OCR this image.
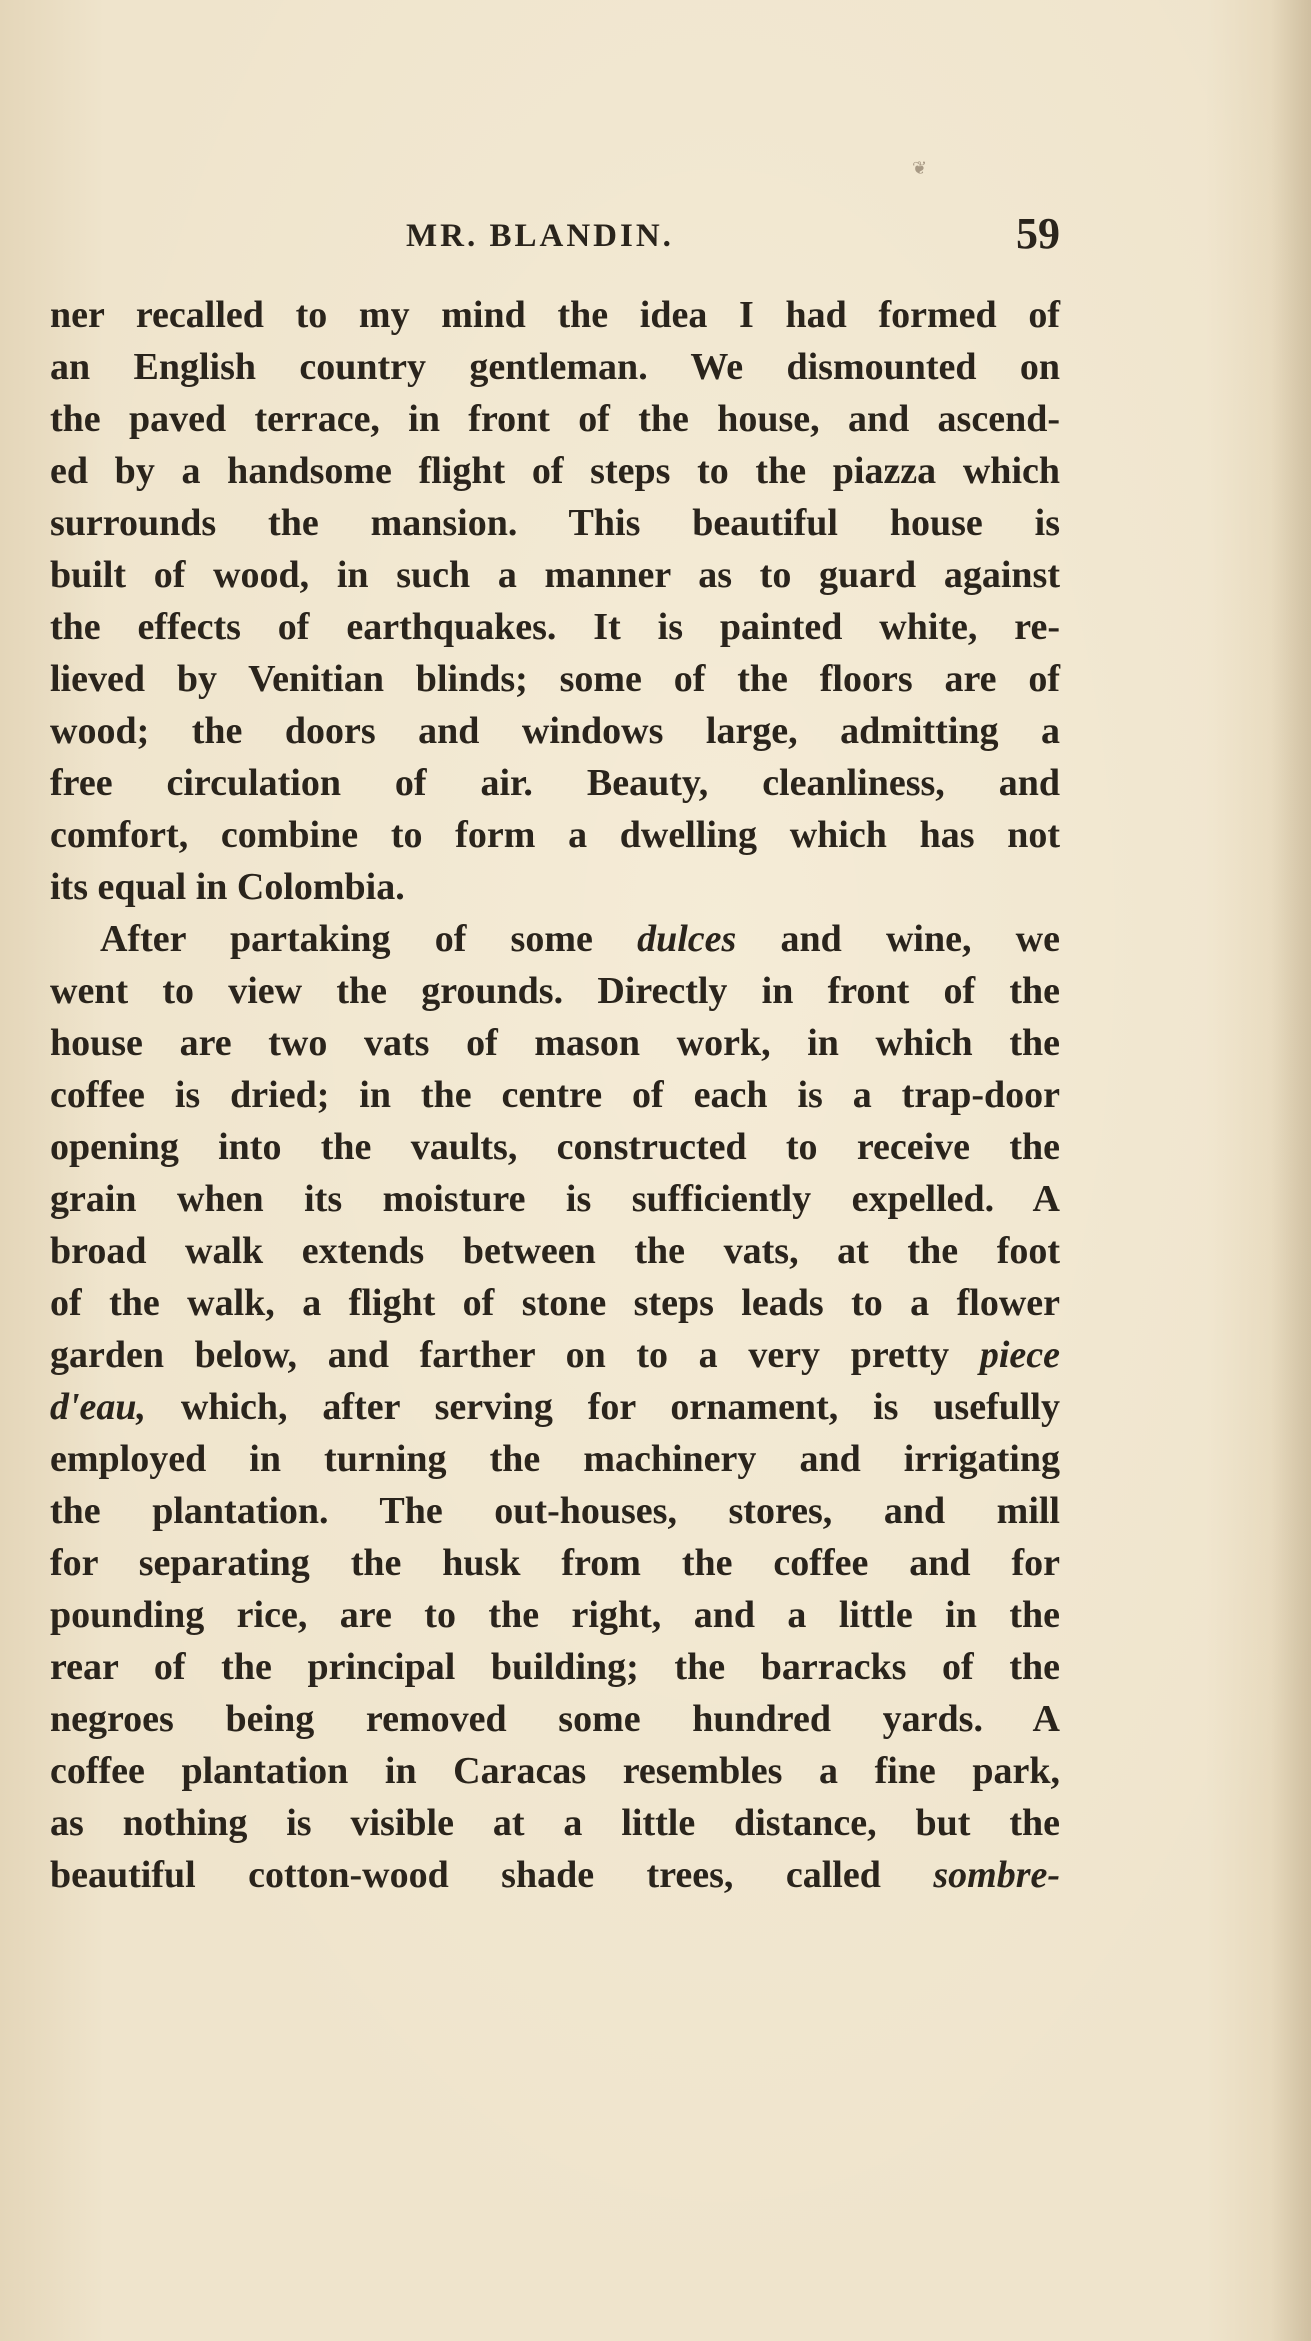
❦

MR. BLANDIN.	59

ner recalled to my mind the idea I had formed of
an English country gentleman. We dismounted on
the paved terrace, in front of the house, and ascend-
ed by a handsome flight of steps to the piazza which
surrounds the mansion. This beautiful house is
built of wood, in such a manner as to guard against
the effects of earthquakes. It is painted white, re-
lieved by Venitian blinds; some of the floors are of
wood; the doors and windows large, admitting a
free circulation of air. Beauty, cleanliness, and
comfort, combine to form a dwelling which has not
its equal in Colombia.
After partaking of some dulces and wine, we
went to view the grounds. Directly in front of the
house are two vats of mason work, in which the
coffee is dried; in the centre of each is a trap-door
opening into the vaults, constructed to receive the
grain when its moisture is sufficiently expelled. A
broad walk extends between the vats, at the foot
of the walk, a flight of stone steps leads to a flower
garden below, and farther on to a very pretty piece
d'eau, which, after serving for ornament, is usefully
employed in turning the machinery and irrigating
the plantation. The out-houses, stores, and mill
for separating the husk from the coffee and for
pounding rice, are to the right, and a little in the
rear of the principal building; the barracks of the
negroes being removed some hundred yards. A
coffee plantation in Caracas resembles a fine park,
as nothing is visible at a little distance, but the
beautiful cotton-wood shade trees, called sombre-
